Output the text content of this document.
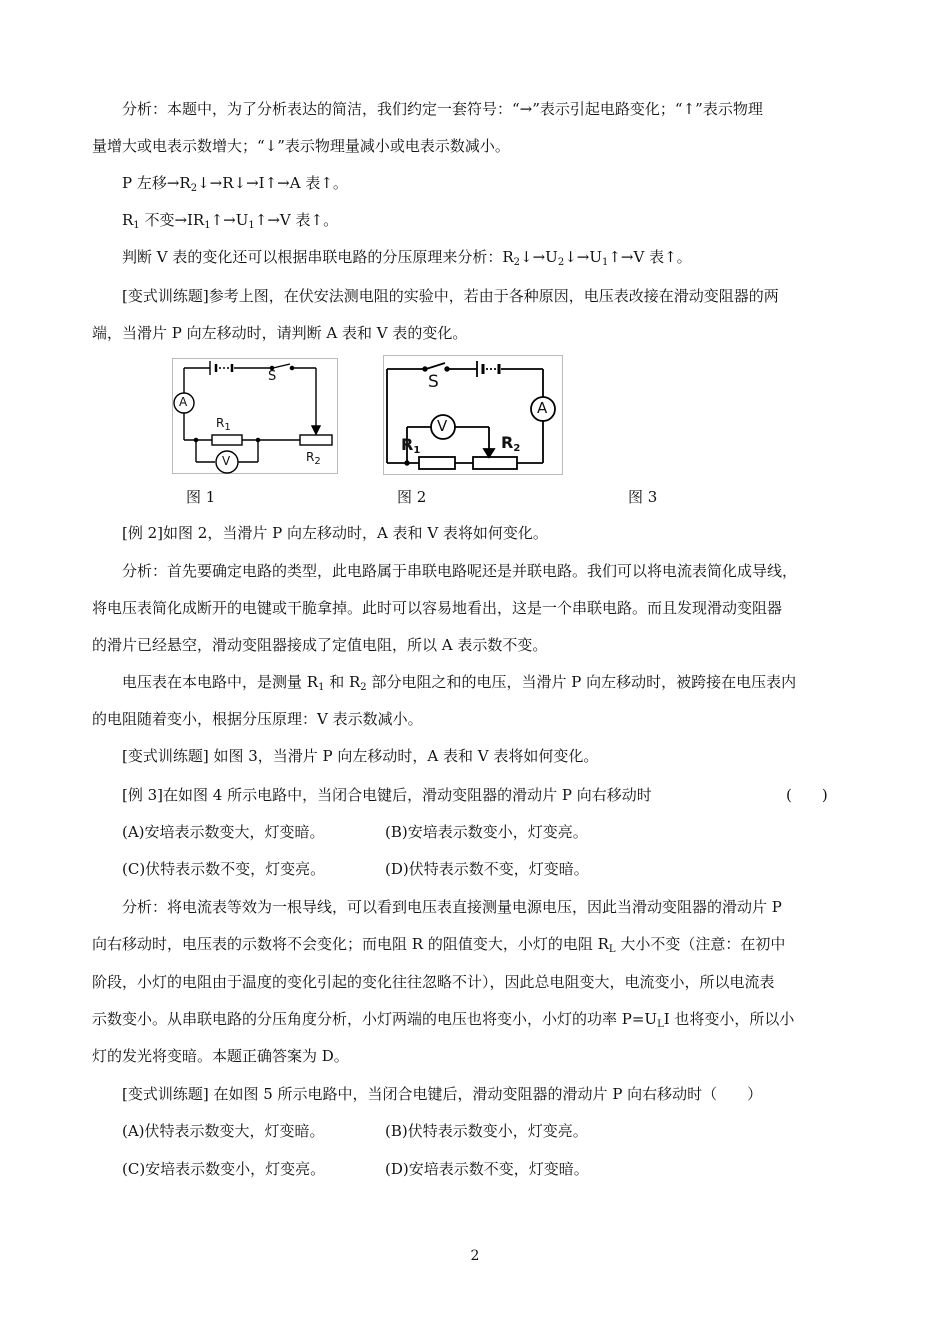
分析：本题中，为了分析表达的简洁，我们约定一套符号：“→”表示引起电路变化；“↑”表示物理
量增大或电表示数增大；“↓”表示物理量减小或电表示数减小。
P 左移$\to R_2↓\to R↓\to I↑\to A$ 表↑。
$R_1$ 不变$\to IR_1↑\to U_1↑\to V$ 表↑。
判断 V 表的变化还可以根据串联电路的分压原理来分析：$R_2↓\to U_2↓\to U_1↑\to V$ 表↑。
[变式训练题]参考上图，在伏安法测电阻的实验中，若由于各种原因，电压表改接在滑动变阻器的两
端，当滑片 P 向左移动时，请判断 A 表和 V 表的变化。
S
A
V
$R_1$
$R_2$
S
A
V
$R_1$	$R_2$
图 1	图 2	图 3
[例 2]如图 2，当滑片 P 向左移动时，A 表和 V 表将如何变化。
分析：首先要确定电路的类型，此电路属于串联电路呢还是并联电路。我们可以将电流表简化成导线，
将电压表简化成断开的电键或干脆拿掉。此时可以容易地看出，这是一个串联电路。而且发现滑动变阻器
的滑片已经悬空，滑动变阻器接成了定值电阻，所以 A 表示数不变。
电压表在本电路中，是测量 $R_1$ 和 $R_2$ 部分电阻之和的电压，当滑片 P 向左移动时，被跨接在电压表内
的电阻随着变小，根据分压原理：V 表示数减小。
[变式训练题] 如图 3，当滑片 P 向左移动时，A 表和 V 表将如何变化。
[例 3]在如图 4 所示电路中，当闭合电键后，滑动变阻器的滑动片 P 向右移动时	(　　)
(A)安培表示数变大，灯变暗。	(B)安培表示数变小，灯变亮。
(C)伏特表示数不变，灯变亮。	(D)伏特表示数不变，灯变暗。
分析：将电流表等效为一根导线，可以看到电压表直接测量电源电压，因此当滑动变阻器的滑动片 P
向右移动时，电压表的示数将不会变化；而电阻 R 的阻值变大，小灯的电阻 $R_L$ 大小不变（注意：在初中
阶段，小灯的电阻由于温度的变化引起的变化往往忽略不计），因此总电阻变大，电流变小，所以电流表
示数变小。从串联电路的分压角度分析，小灯两端的电压也将变小，小灯的功率 $P=U_LI$ 也将变小，所以小
灯的发光将变暗。本题正确答案为 D。
[变式训练题] 在如图 5 所示电路中，当闭合电键后，滑动变阻器的滑动片 P 向右移动时（　　）
(A)伏特表示数变大，灯变暗。	(B)伏特表示数变小，灯变亮。
(C)安培表示数变小，灯变亮。	(D)安培表示数不变，灯变暗。
2
